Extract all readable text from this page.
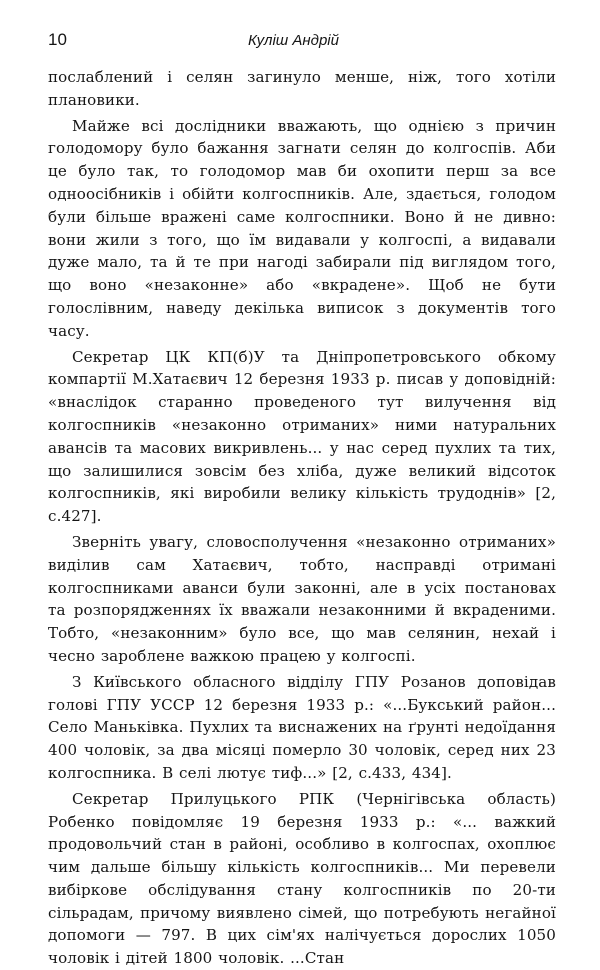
10	Куліш Андрій

послаблений і селян загинуло менше, ніж, того хотіли плановики.

Майже всі дослідники вважають, що однією з причин голодомору було бажання загнати селян до колгоспів. Аби це було так, то голодомор мав би охопити перш за все одноосібників і обійти колгоспників. Але, здається, голодом були більше вражені саме колгоспники. Воно й не дивно: вони жили з того, що їм видавали у колгоспі, а видавали дуже мало, та й те при нагоді забирали під виглядом того, що воно «незаконне» або «вкрадене». Щоб не бути голослівним, наведу декілька виписок з документів того часу.

Секретар ЦК КП(б)У та Дніпропетровського обкому компартії М.Хатаєвич 12 березня 1933 р. писав у доповідній: «внаслідок старанно проведеного тут вилучення від колгоспників «незаконно отриманих» ними натуральних авансів та масових викривлень... у нас серед пухлих та тих, що залишилися зовсім без хліба, дуже великий відсоток колгоспників, які виробили велику кількість трудоднів» [2, с.427].

Зверніть увагу, словосполучення «незаконно отриманих» виділив сам Хатаєвич, тобто, насправді отримані колгоспниками аванси були законні, але в усіх постановах та розпорядженнях їх вважали незаконними й вкраденими. Тобто, «незаконним» було все, що мав селянин, нехай і чесно зароблене важкою працею у колгоспі.

З Київського обласного відділу ГПУ Розанов доповідав голові ГПУ УССР 12 березня 1933 р.: «...Букський район... Село Маньківка. Пухлих та виснажених на ґрунті недоїдання 400 чоловік, за два місяці померло 30 чоловік, серед них 23 колгоспника. В селі лютує тиф...» [2, с.433, 434].

Секретар Прилуцького РПК (Чернігівська область) Робенко повідомляє 19 березня 1933 р.: «... важкий продовольчий стан в районі, особливо в колгоспах, охоплює чим дальше більшу кількість колгоспників... Ми перевели вибіркове обслідування стану колгоспників по 20-ти сільрадам, причому виявлено сімей, що потребують негайної допомоги — 797. В цих сім'ях налічується дорослих 1050 чоловік і дітей 1800 чоловік. ...Стан
